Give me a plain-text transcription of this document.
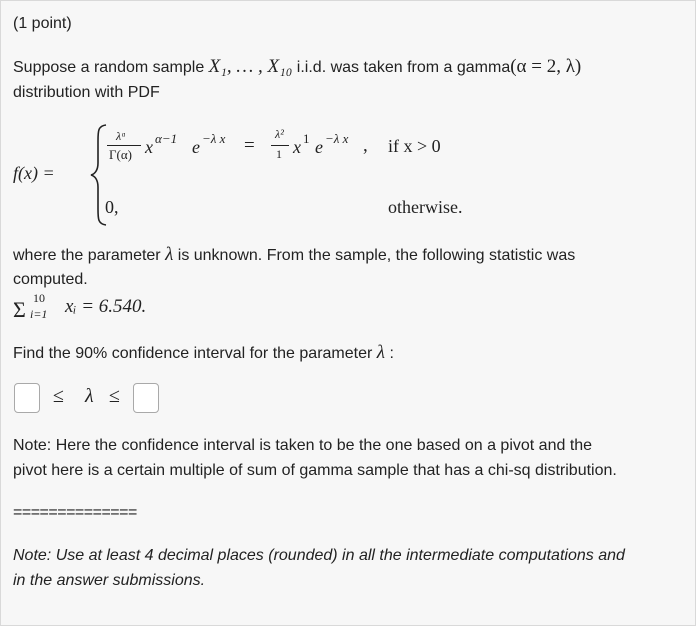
(1 point)
Suppose a random sample X₁, … , X₁₀ i.i.d. was taken from a gamma(α = 2, λ)
distribution with PDF
f(x) =
λᵅ
Γ(α) x α−1 e −λ x =
λ²
1 x 1 e −λ x , if x > 0
0,	otherwise.
where the parameter λ is unknown. From the sample, the following statistic was
computed.
Σ 10
i=1 xᵢ = 6.540.
Find the 90% confidence interval for the parameter λ :
≤ λ ≤
Note: Here the confidence interval is taken to be the one based on a pivot and the
pivot here is a certain multiple of sum of gamma sample that has a chi-sq distribution.
==============
Note: Use at least 4 decimal places (rounded) in all the intermediate computations and
in the answer submissions.
